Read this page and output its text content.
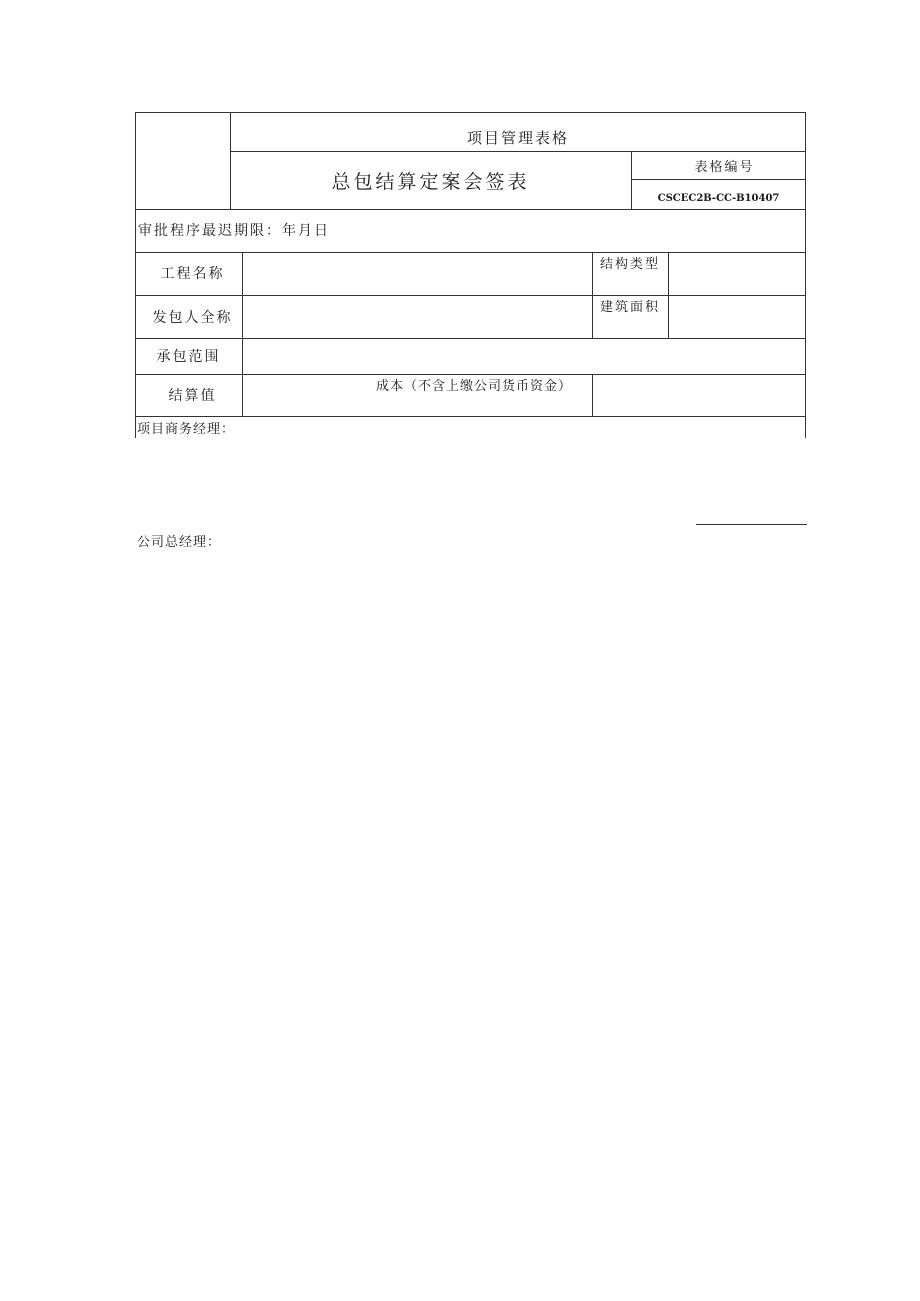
项目管理表格
总包结算定案会签表
表格编号
CSCEC2B-CC-B10407
审批程序最迟期限：年月日
工程名称
结构类型
发包人全称
建筑面积
承包范围
结算值
成本（不含上缴公司货币资金）
项目商务经理：
公司总经理：
